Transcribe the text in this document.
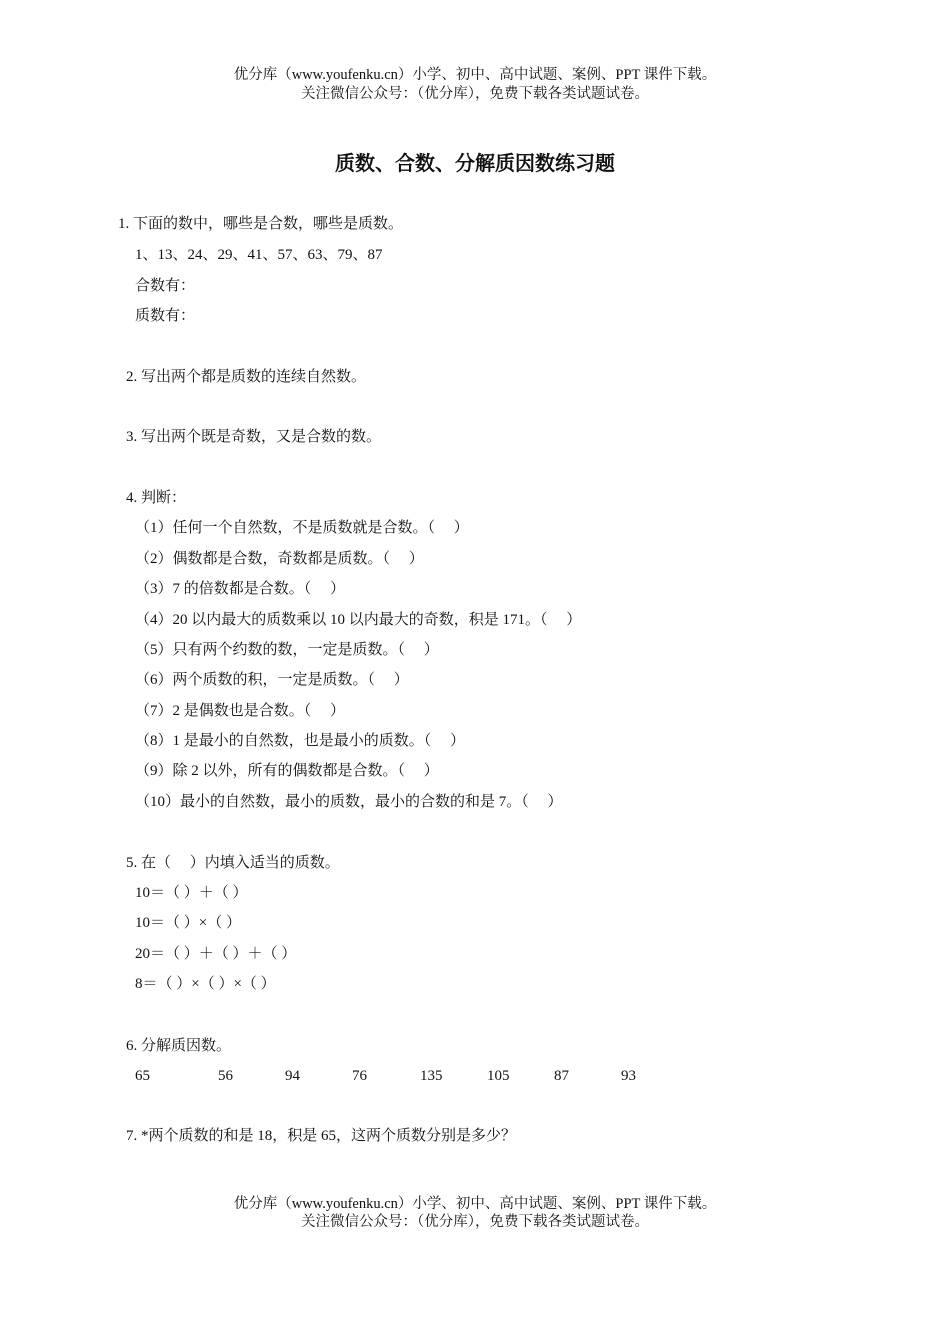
优分库（www.youfenku.cn）小学、初中、高中试题、案例、PPT 课件下载。
关注微信公众号：（优分库），免费下载各类试题试卷。
质数、合数、分解质因数练习题
1. 下面的数中，哪些是合数，哪些是质数。
1、13、24、29、41、57、63、79、87
合数有：
质数有：
2. 写出两个都是质数的连续自然数。
3. 写出两个既是奇数，又是合数的数。
4. 判断：
（1）任何一个自然数，不是质数就是合数。（　 ）
（2）偶数都是合数，奇数都是质数。（　 ）
（3）7 的倍数都是合数。（　 ）
（4）20 以内最大的质数乘以 10 以内最大的奇数，积是 171。（　 ）
（5）只有两个约数的数，一定是质数。（　 ）
（6）两个质数的积，一定是质数。（　 ）
（7）2 是偶数也是合数。（　 ）
（8）1 是最小的自然数，也是最小的质数。（　 ）
（9）除 2 以外，所有的偶数都是合数。（　 ）
（10）最小的自然数，最小的质数，最小的合数的和是 7。（　 ）
5. 在（　 ）内填入适当的质数。
10＝（ ）＋（ ）
10＝（ ）×（ ）
20＝（ ）＋（ ）＋（ ）
8＝（ ）×（ ）×（ ）
6. 分解质因数。
65	56	94	76	135	105	87	93
7. *两个质数的和是 18，积是 65，这两个质数分别是多少？
优分库（www.youfenku.cn）小学、初中、高中试题、案例、PPT 课件下载。
关注微信公众号：（优分库），免费下载各类试题试卷。
